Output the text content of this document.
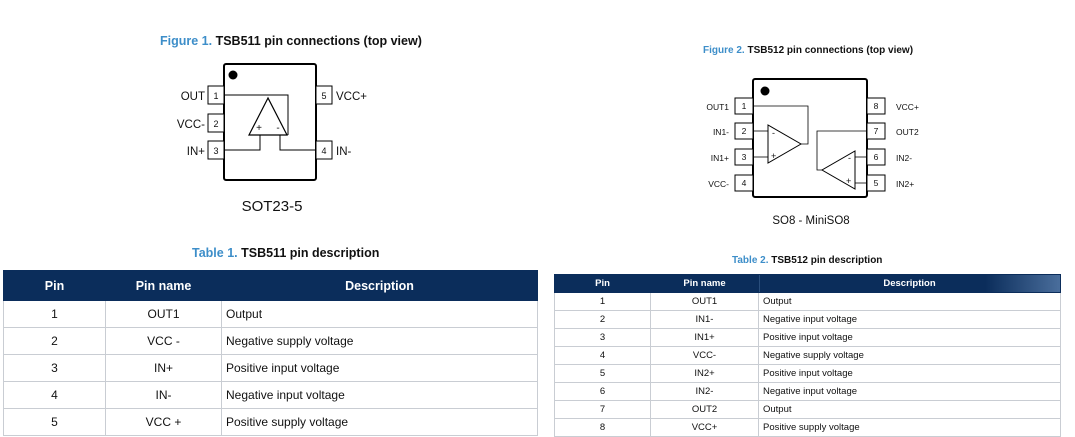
Figure 1. TSB511 pin connections (top view)
1
2
3	4
5
OUT
VCC-
IN+	IN-
VCC+
+ -
SOT23-5
Figure 2. TSB512 pin connections (top view)
1
2
3
4	5
6
7
8
OUT1
IN1-
IN1+
VCC-
VCC+
OUT2
IN2-
IN2+
-
+	-
+
SO8 - MiniSO8
Table 1. TSB511 pin description
Pin	Pin name	Description
1	OUT1	Output
2	VCC -	Negative supply voltage
3	IN+	Positive input voltage
4	IN-	Negative input voltage
5	VCC +	Positive supply voltage
Table 2. TSB512 pin description
Pin	Pin name	Description
1	OUT1	Output
2	IN1-	Negative input voltage
3	IN1+	Positive input voltage
4	VCC-	Negative supply voltage
5	IN2+	Positive input voltage
6	IN2-	Negative input voltage
7	OUT2	Output
8	VCC+	Positive supply voltage
